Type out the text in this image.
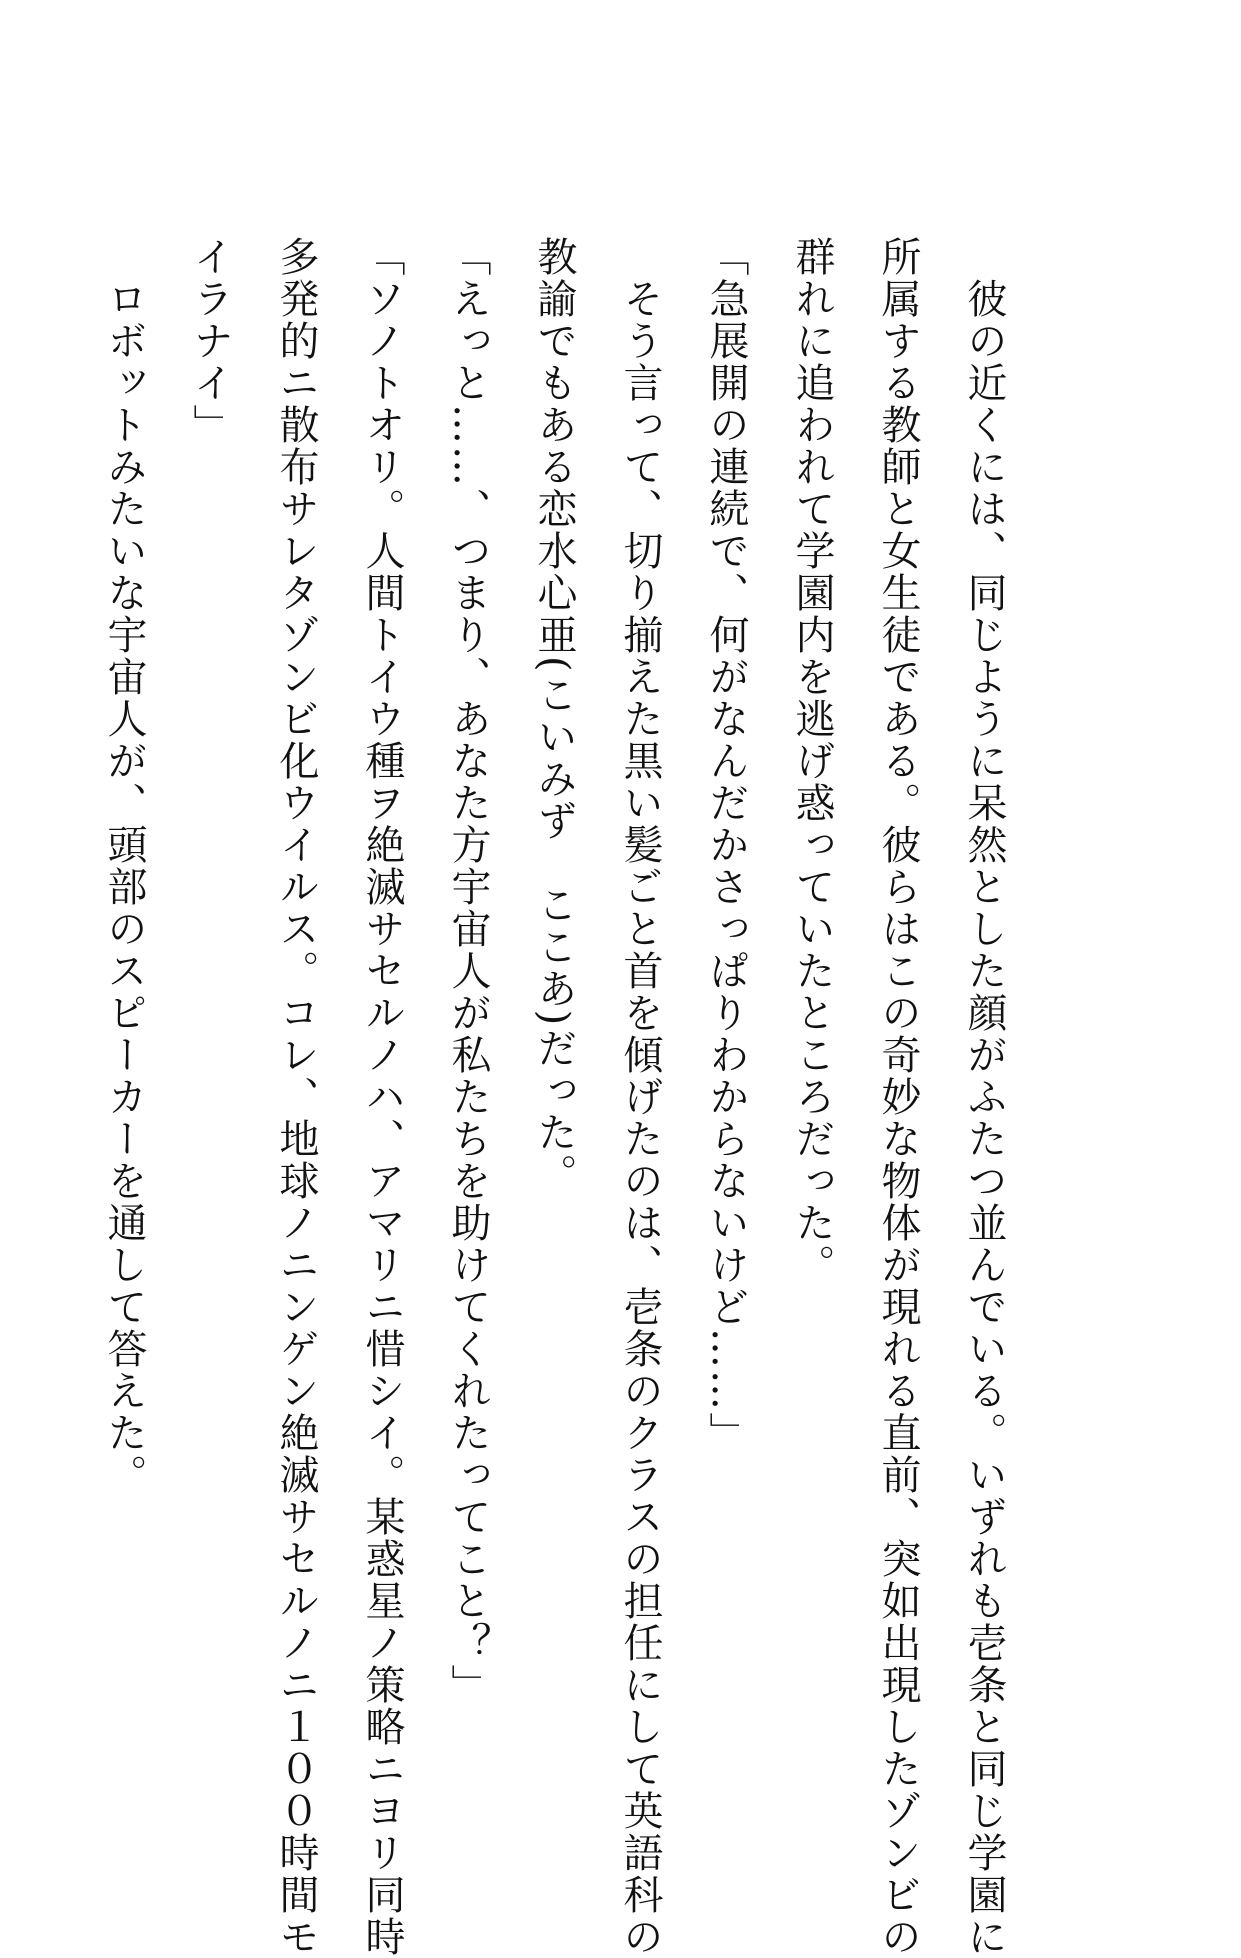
　彼の近くには、同じように呆然とした顔がふたつ並んでいる。いずれも壱条と同じ学園に
所属する教師と女生徒である。彼らはこの奇妙な物体が現れる直前、突如出現したゾンビの
群れに追われて学園内を逃げ惑っていたところだった。
「急展開の連続で、何がなんだかさっぱりわからないけど……」
　そう言って、切り揃えた黒い髪ごと首を傾げたのは、壱条のクラスの担任にして英語科の
教諭でもある恋水心亜(こいみず　ここあ)だった。
「えっと……、つまり、あなた方宇宙人が私たちを助けてくれたってこと？」
「ソノトオリ。人間トイウ種ヲ絶滅サセルノハ、アマリニ惜シイ。某惑星ノ策略ニヨリ同時
多発的ニ散布サレタゾンビ化ウイルス。コレ、地球ノニンゲン絶滅サセルノニ１００時間モ
イラナイ」
　ロボットみたいな宇宙人が、頭部のスピーカーを通して答えた。
